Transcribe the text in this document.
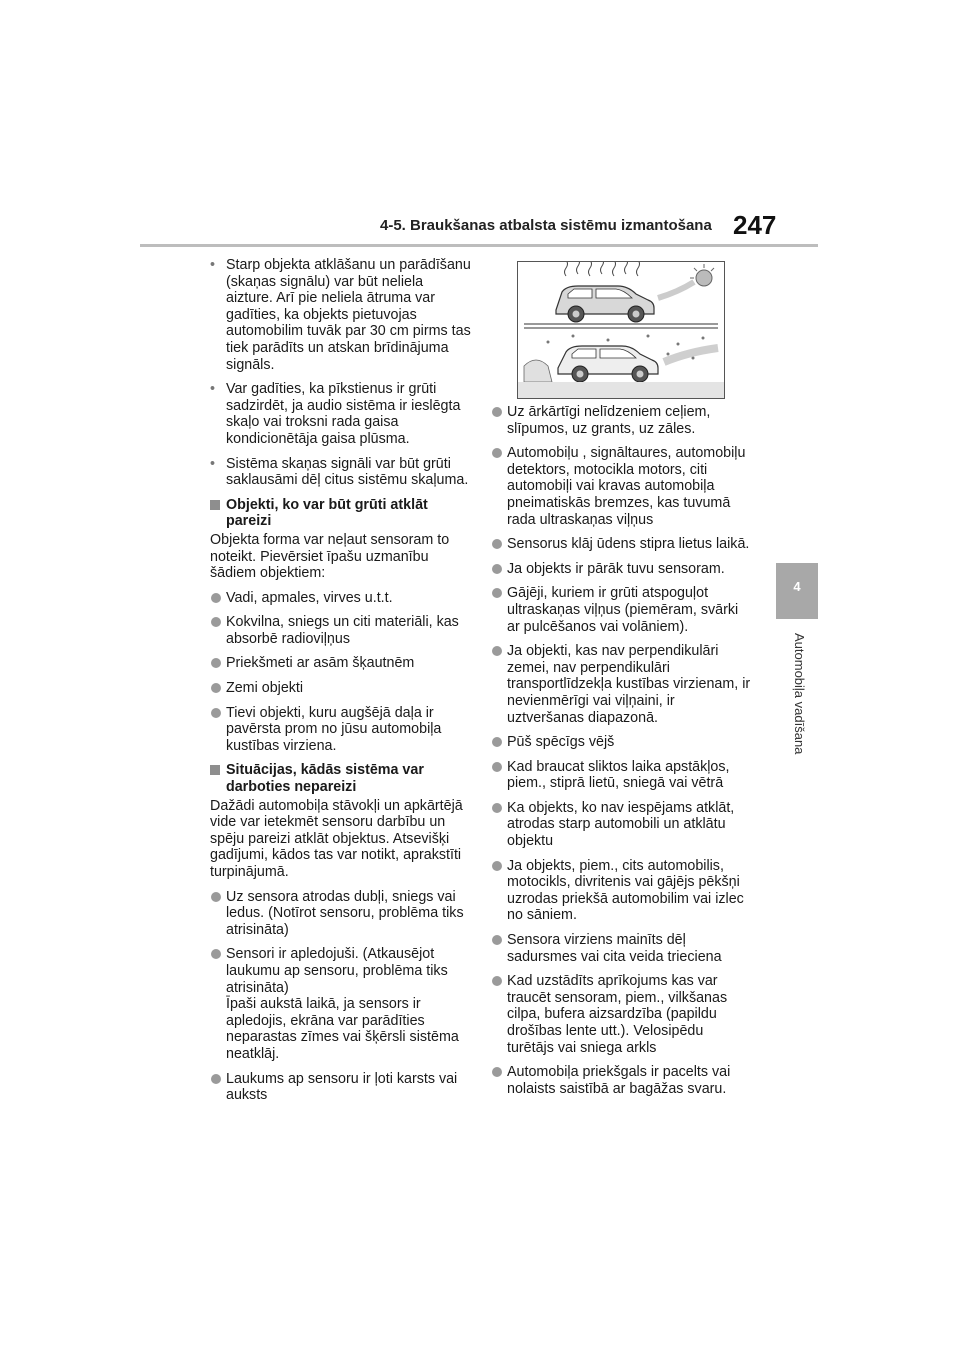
4-5. Braukšanas atbalsta sistēmu izmantošana 247
4
Automobiļa vadīšana
• Starp objekta atklāšanu un parādīšanu (skaņas signālu) var būt neliela aizture. Arī pie neliela ātruma var gadīties, ka objekts pietuvojas automobilim tuvāk par 30 cm pirms tas tiek parādīts un atskan brīdinājuma signāls.
• Var gadīties, ka pīkstienus ir grūti sadzirdēt, ja audio sistēma ir ieslēgta skaļo vai troksni rada gaisa kondicionētāja gaisa plūsma.
• Sistēma skaņas signāli var būt grūti saklausāmi dēļ citus sistēmu skaļuma.
Objekti, ko var būt grūti atklāt pareizi
Objekta forma var neļaut sensoram to noteikt. Pievērsiet īpašu uzmanību šādiem objektiem:
Vadi, apmales, virves u.t.t.
Kokvilna, sniegs un citi materiāli, kas absorbē radioviļņus
Priekšmeti ar asām šķautnēm
Zemi objekti
Tievi objekti, kuru augšējā daļa ir pavērsta prom no jūsu automobiļa kustības virziena.
Situācijas, kādās sistēma var darboties nepareizi
Dažādi automobiļa stāvokļi un apkārtējā vide var ietekmēt sensoru darbību un spēju pareizi atklāt objektus. Atsevišķi gadījumi, kādos tas var notikt, aprakstīti turpinājumā.
Uz sensora atrodas dubļi, sniegs vai ledus. (Notīrot sensoru, problēma tiks atrisināta)
Sensori ir apledojuši. (Atkausējot laukumu ap sensoru, problēma tiks atrisināta)
Īpaši aukstā laikā, ja sensors ir apledojis, ekrāna var parādīties neparastas zīmes vai šķērsli sistēma neatklāj.
Laukums ap sensoru ir ļoti karsts vai auksts
Uz ārkārtīgi nelīdzeniem ceļiem, slīpumos, uz grants, uz zāles.
Automobiļu , signāltaures, automobiļu detektors, motocikla motors, citi automobiļi vai kravas automobiļa pneimatiskās bremzes, kas tuvumā rada ultraskaņas viļņus
Sensorus klāj ūdens stipra lietus laikā.
Ja objekts ir pārāk tuvu sensoram.
Gājēji, kuriem ir grūti atspoguļot ultraskaņas viļņus (piemēram, svārki ar pulcēšanos vai volāniem).
Ja objekti, kas nav perpendikulāri zemei, nav perpendikulāri transportlīdzekļa kustības virzienam, ir nevienmērīgi vai viļņaini, ir uztveršanas diapazonā.
Pūš spēcīgs vējš
Kad braucat sliktos laika apstākļos, piem., stiprā lietū, sniegā vai vētrā
Ka objekts, ko nav iespējams atklāt, atrodas starp automobili un atklātu objektu
Ja objekts, piem., cits automobilis, motocikls, divritenis vai gājējs pēkšņi uzrodas priekšā automobilim vai izlec no sāniem.
Sensora virziens mainīts dēļ sadursmes vai cita veida trieciena
Kad uzstādīts aprīkojums kas var traucēt sensoram, piem., vilkšanas cilpa, bufera aizsardzība (papildu drošības lente utt.). Velosipēdu turētājs vai sniega arkls
Automobiļa priekšgals ir pacelts vai nolaists saistībā ar bagāžas svaru.
